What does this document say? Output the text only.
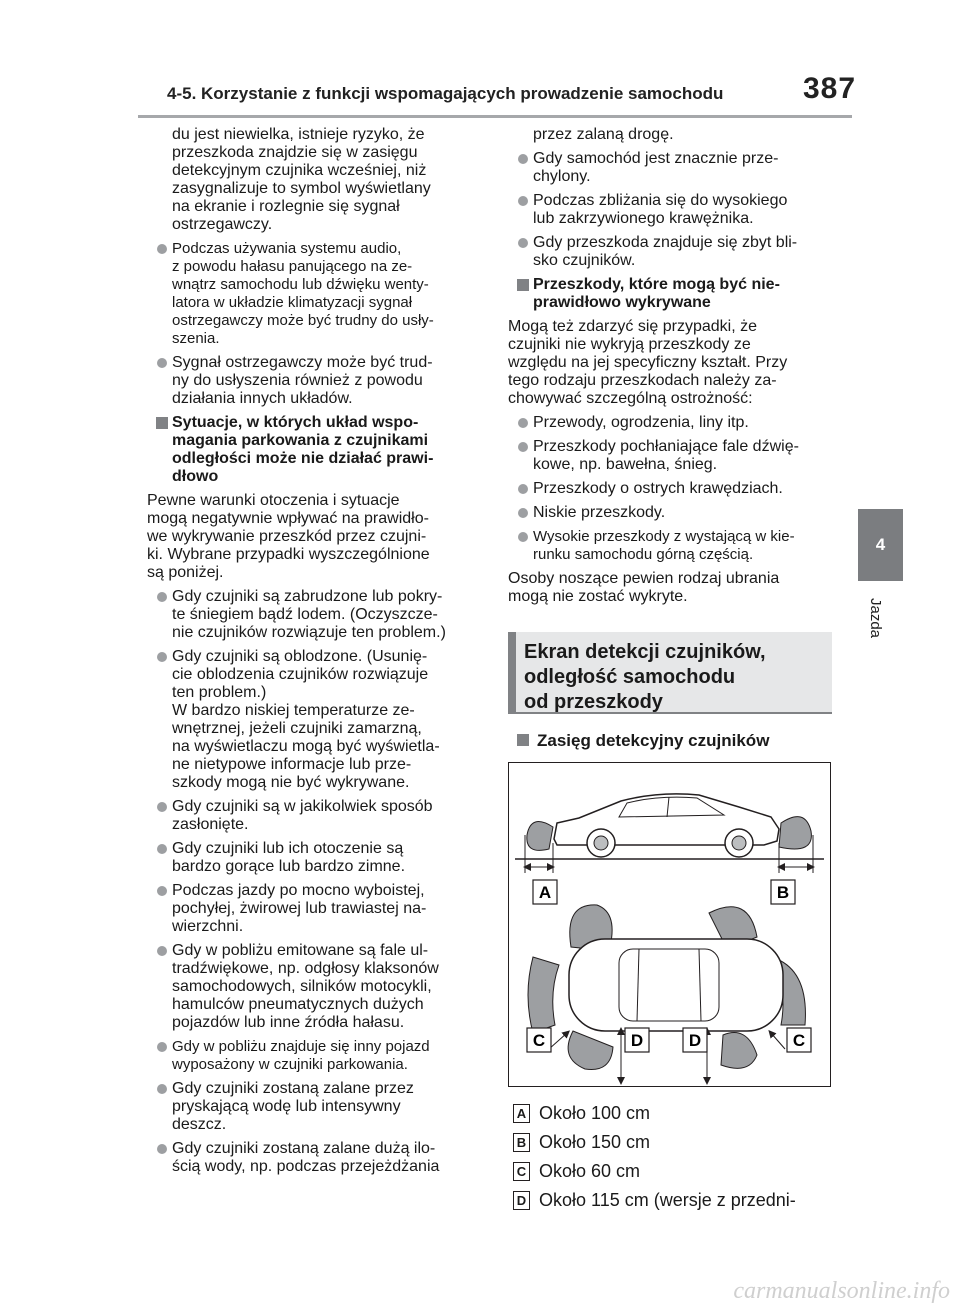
4-5. Korzystanie z funkcji wspomagających prowadzenie samochodu	387
4
Jazda

du jest niewielka, istnieje ryzyko, że
przeszkoda znajdzie się w zasięgu
detekcyjnym czujnika wcześniej, niż
zasygnalizuje to symbol wyświetlany
na ekranie i rozlegnie się sygnał
ostrzegawczy.

Podczas używania systemu audio,
z powodu hałasu panującego na ze-
wnątrz samochodu lub dźwięku wenty-
latora w układzie klimatyzacji sygnał
ostrzegawczy może być trudny do usły-
szenia.

Sygnał ostrzegawczy może być trud-
ny do usłyszenia również z powodu
działania innych układów.

Sytuacje, w których układ wspo-
magania parkowania z czujnikami
odległości może nie działać prawi-
dłowo

Pewne warunki otoczenia i sytuacje
mogą negatywnie wpływać na prawidło-
we wykrywanie przeszkód przez czujni-
ki. Wybrane przypadki wyszczególnione
są poniżej.

Gdy czujniki są zabrudzone lub pokry-
te śniegiem bądź lodem. (Oczyszcze-
nie czujników rozwiązuje ten problem.)

Gdy czujniki są oblodzone. (Usunię-
cie oblodzenia czujników rozwiązuje
ten problem.)
W bardzo niskiej temperaturze ze-
wnętrznej, jeżeli czujniki zamarzną,
na wyświetlaczu mogą być wyświetla-
ne nietypowe informacje lub prze-
szkody mogą nie być wykrywane.

Gdy czujniki są w jakikolwiek sposób
zasłonięte.

Gdy czujniki lub ich otoczenie są
bardzo gorące lub bardzo zimne.

Podczas jazdy po mocno wyboistej,
pochyłej, żwirowej lub trawiastej na-
wierzchni.

Gdy w pobliżu emitowane są fale ul-
tradźwiękowe, np. odgłosy klaksonów
samochodowych, silników motocykli,
hamulców pneumatycznych dużych
pojazdów lub inne źródła hałasu.

Gdy w pobliżu znajduje się inny pojazd
wyposażony w czujniki parkowania.

Gdy czujniki zostaną zalane przez
pryskającą wodę lub intensywny
deszcz.

Gdy czujniki zostaną zalane dużą ilo-
ścią wody, np. podczas przejeżdżania

przez zalaną drogę.

Gdy samochód jest znacznie prze-
chylony.

Podczas zbliżania się do wysokiego
lub zakrzywionego krawężnika.

Gdy przeszkoda znajduje się zbyt bli-
sko czujników.

Przeszkody, które mogą być nie-
prawidłowo wykrywane

Mogą też zdarzyć się przypadki, że
czujniki nie wykryją przeszkody ze
względu na jej specyficzny kształt. Przy
tego rodzaju przeszkodach należy za-
chowywać szczególną ostrożność:

Przewody, ogrodzenia, liny itp.

Przeszkody pochłaniające fale dźwię-
kowe, np. bawełna, śnieg.

Przeszkody o ostrych krawędziach.

Niskie przeszkody.

Wysokie przeszkody z wystającą w kie-
runku samochodu górną częścią.

Osoby noszące pewien rodzaj ubrania
mogą nie zostać wykryte.

Ekran detekcji czujników,
odległość samochodu
od przeszkody
Zasięg detekcyjny czujników
A	B
C	D	D	C
A Około 100 cm
B Około 150 cm
C Około 60 cm
D Około 115 cm (wersje z przedni-
carmanualsonline.info
